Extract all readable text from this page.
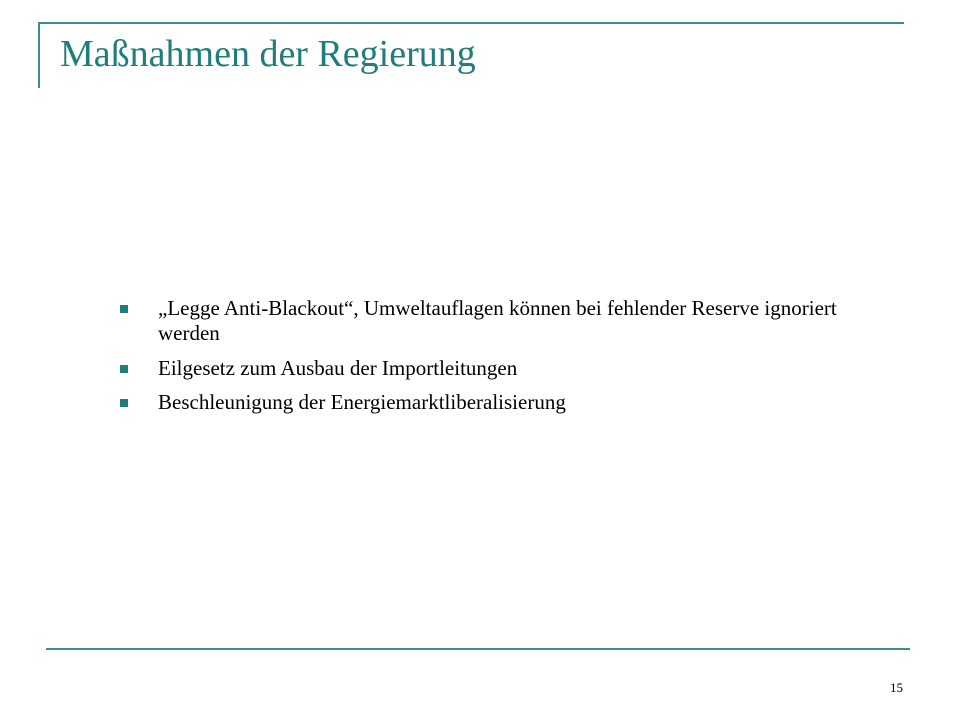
Maßnahmen der Regierung
„Legge Anti-Blackout“, Umweltauflagen können bei fehlender Reserve ignoriert werden
Eilgesetz zum Ausbau der Importleitungen
Beschleunigung der Energiemarktliberalisierung
15
